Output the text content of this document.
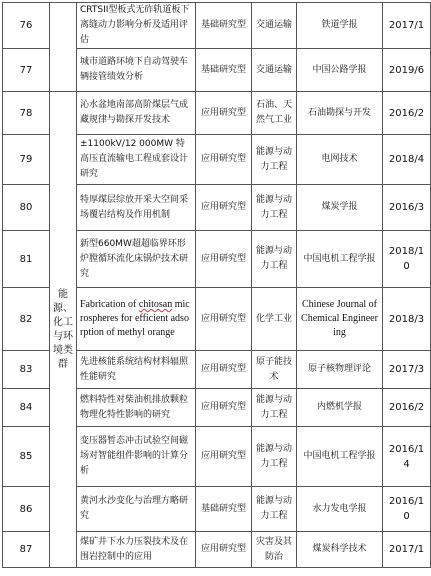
76		CRTSII型板式无砟轨道板下离缝动力影响分析及适用评估	基础研究型	交通运输	铁道学报	2017/1
77		城市道路环境下自动驾驶车辆接管绩效分析	基础研究型	交通运输	中国公路学报	2019/6
78	能源、化工与环境类群	沁水盆地南部高阶煤层气成藏规律与勘探开发技术	应用研究型	石油、天然气工业	石油勘探与开发	2016/2
79		±1100kV/12 000MW 特高压直流输电工程成套设计研究	应用研究型	能源与动力工程	电网技术	2018/4
80		特厚煤层综放开采大空间采场覆岩结构及作用机制	应用研究型	能源与动力工程	煤炭学报	2016/3
81		新型660MW超超临界环形炉膛循环流化床锅炉技术研究	应用研究型	能源与动力工程	中国电机工程学报	2018/10
82		Fabrication of chitosan microspheres for efficient adsorption of methyl orange	应用研究型	化学工业	Chinese Journal of Chemical Engineering	2018/3
83		先进核能系统结构材料辐照性能研究	应用研究型	原子能技术	原子核物理评论	2017/3
84		燃料特性对柴油机排放颗粒物理化特性影响的研究	应用研究型	能源与动力工程	内燃机学报	2016/2
85		变压器暂态冲击试验空间磁场对智能组件影响的计算分析	应用研究型	能源与动力工程	中国电机工程学报	2016/14
86		黄河水沙变化与治理方略研究	基础研究型	能源与动力工程	水力发电学报	2016/10
87		煤矿井下水力压裂技术及在围岩控制中的应用	应用研究型	灾害及其防治	煤炭科学技术	2017/1
